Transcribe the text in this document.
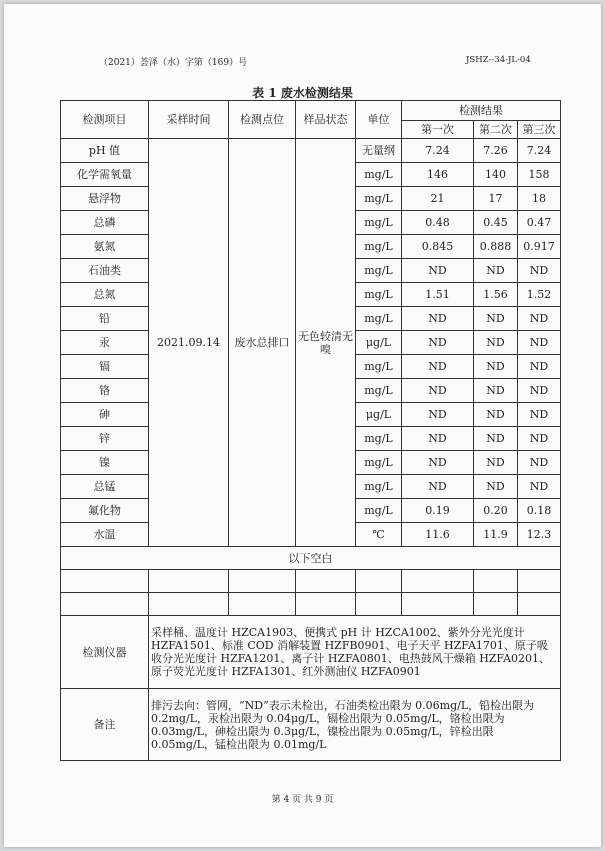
（2021）荟泽（水）字第（169）号	JSHZ--34-JL-04
表 1 废水检测结果
检测项目	采样时间	检测点位	样品状态	单位	检测结果		
					第一次	第二次	第三次
pH 值	2021.09.14	废水总排口	无色较清无嗅	无量纲	7.24	7.26	7.24
化学需氧量				mg/L	146	140	158
悬浮物				mg/L	21	17	18
总磷				mg/L	0.48	0.45	0.47
氨氮				mg/L	0.845	0.888	0.917
石油类				mg/L	ND	ND	ND
总氮				mg/L	1.51	1.56	1.52
铅				mg/L	ND	ND	ND
汞				μg/L	ND	ND	ND
镉				mg/L	ND	ND	ND
铬				mg/L	ND	ND	ND
砷				μg/L	ND	ND	ND
锌				mg/L	ND	ND	ND
镍				mg/L	ND	ND	ND
总锰				mg/L	ND	ND	ND
氟化物				mg/L	0.19	0.20	0.18
水温				℃	11.6	11.9	12.3
以下空白							

检测仪器	采样桶、温度计 HZCA1903、便携式 pH 计 HZCA1002、紫外分光光度计 HZFA1501、标准 COD 消解装置 HZFB0901、电子天平 HZFA1701、原子吸收分光光度计 HZFA1201、离子计 HZFA0801、电热鼓风干燥箱 HZFA0201、原子荧光光度计 HZFA1301、红外测油仪 HZFA0901						
备注	排污去向：管网，“ND”表示未检出，石油类检出限为 0.06mg/L，铅检出限为 0.2mg/L，汞检出限为 0.04μg/L，镉检出限为 0.05mg/L，铬检出限为 0.03mg/L，砷检出限为 0.3μg/L，镍检出限为 0.05mg/L，锌检出限 0.05mg/L，锰检出限为 0.01mg/L						
第 4 页 共 9 页
